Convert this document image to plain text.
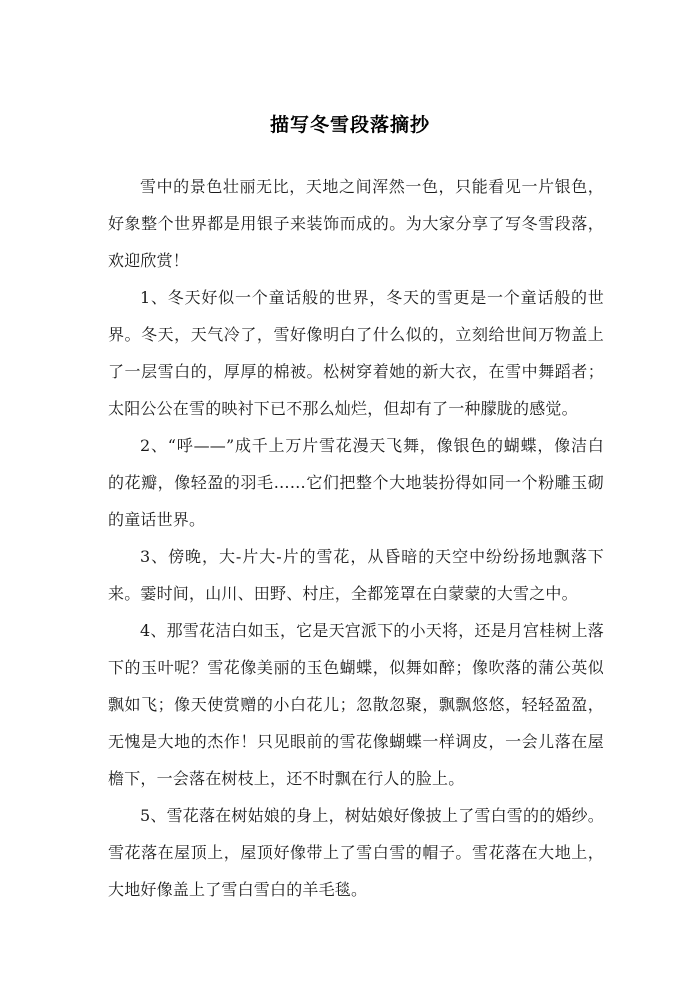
描写冬雪段落摘抄

雪中的景色壮丽无比，天地之间浑然一色，只能看见一片银色，好象整个世界都是用银子来装饰而成的。为大家分享了写冬雪段落，欢迎欣赏！

1、冬天好似一个童话般的世界，冬天的雪更是一个童话般的世界。冬天，天气冷了，雪好像明白了什么似的，立刻给世间万物盖上了一层雪白的，厚厚的棉被。松树穿着她的新大衣，在雪中舞蹈者；太阳公公在雪的映衬下已不那么灿烂，但却有了一种朦胧的感觉。

2、“呼——”成千上万片雪花漫天飞舞，像银色的蝴蝶，像洁白的花瓣，像轻盈的羽毛……它们把整个大地装扮得如同一个粉雕玉砌的童话世界。

3、傍晚，大-片大-片的雪花，从昏暗的天空中纷纷扬地飘落下来。霎时间，山川、田野、村庄，全都笼罩在白蒙蒙的大雪之中。

4、那雪花洁白如玉，它是天宫派下的小天将，还是月宫桂树上落下的玉叶呢？雪花像美丽的玉色蝴蝶，似舞如醉；像吹落的蒲公英似飘如飞；像天使赏赠的小白花儿；忽散忽聚，飘飘悠悠，轻轻盈盈，无愧是大地的杰作！只见眼前的雪花像蝴蝶一样调皮，一会儿落在屋檐下，一会落在树枝上，还不时飘在行人的脸上。

5、雪花落在树姑娘的身上，树姑娘好像披上了雪白雪的的婚纱。雪花落在屋顶上，屋顶好像带上了雪白雪的帽子。雪花落在大地上，大地好像盖上了雪白雪白的羊毛毯。
